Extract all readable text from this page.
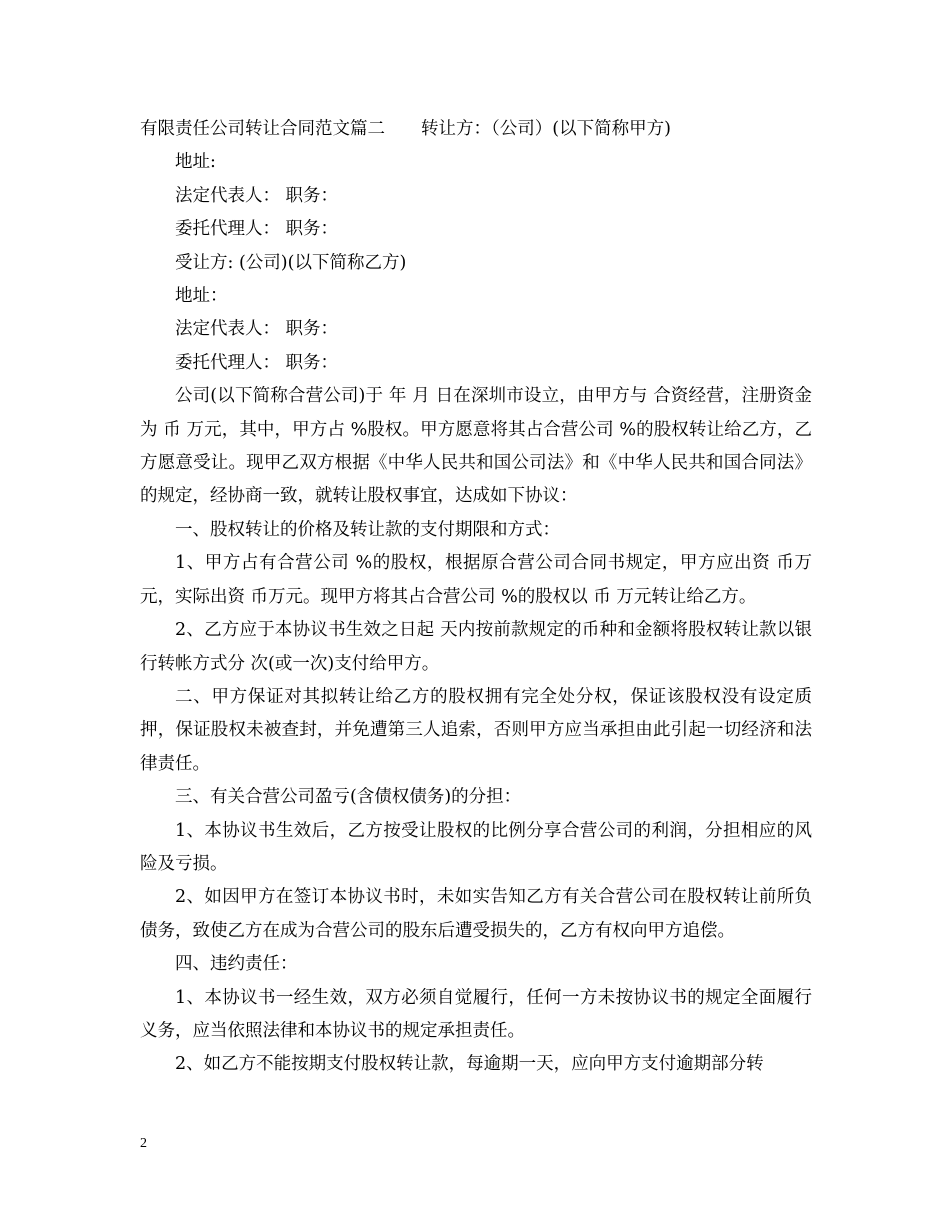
有限责任公司转让合同范文篇二 转让方：（公司）(以下简称甲方)

地址:

法定代表人： 职务：

委托代理人： 职务：

受让方: (公司)(以下简称乙方)

地址：

法定代表人： 职务：

委托代理人： 职务：

公司(以下简称合营公司)于 年 月 日在深圳市设立，由甲方与 合资经营，注册资金为 币 万元，其中，甲方占 %股权。甲方愿意将其占合营公司 %的股权转让给乙方，乙方愿意受让。现甲乙双方根据《中华人民共和国公司法》和《中华人民共和国合同法》的规定，经协商一致，就转让股权事宜，达成如下协议：

一、股权转让的价格及转让款的支付期限和方式：

1、甲方占有合营公司 %的股权，根据原合营公司合同书规定，甲方应出资 币万元，实际出资 币万元。现甲方将其占合营公司 %的股权以 币 万元转让给乙方。

2、乙方应于本协议书生效之日起 天内按前款规定的币种和金额将股权转让款以银行转帐方式分 次(或一次)支付给甲方。

二、甲方保证对其拟转让给乙方的股权拥有完全处分权，保证该股权没有设定质押，保证股权未被查封，并免遭第三人追索，否则甲方应当承担由此引起一切经济和法律责任。

三、有关合营公司盈亏(含债权债务)的分担：

1、本协议书生效后，乙方按受让股权的比例分享合营公司的利润，分担相应的风险及亏损。

2、如因甲方在签订本协议书时，未如实告知乙方有关合营公司在股权转让前所负债务，致使乙方在成为合营公司的股东后遭受损失的，乙方有权向甲方追偿。

四、违约责任：

1、本协议书一经生效，双方必须自觉履行，任何一方未按协议书的规定全面履行义务，应当依照法律和本协议书的规定承担责任。

2、如乙方不能按期支付股权转让款，每逾期一天，应向甲方支付逾期部分转

2
